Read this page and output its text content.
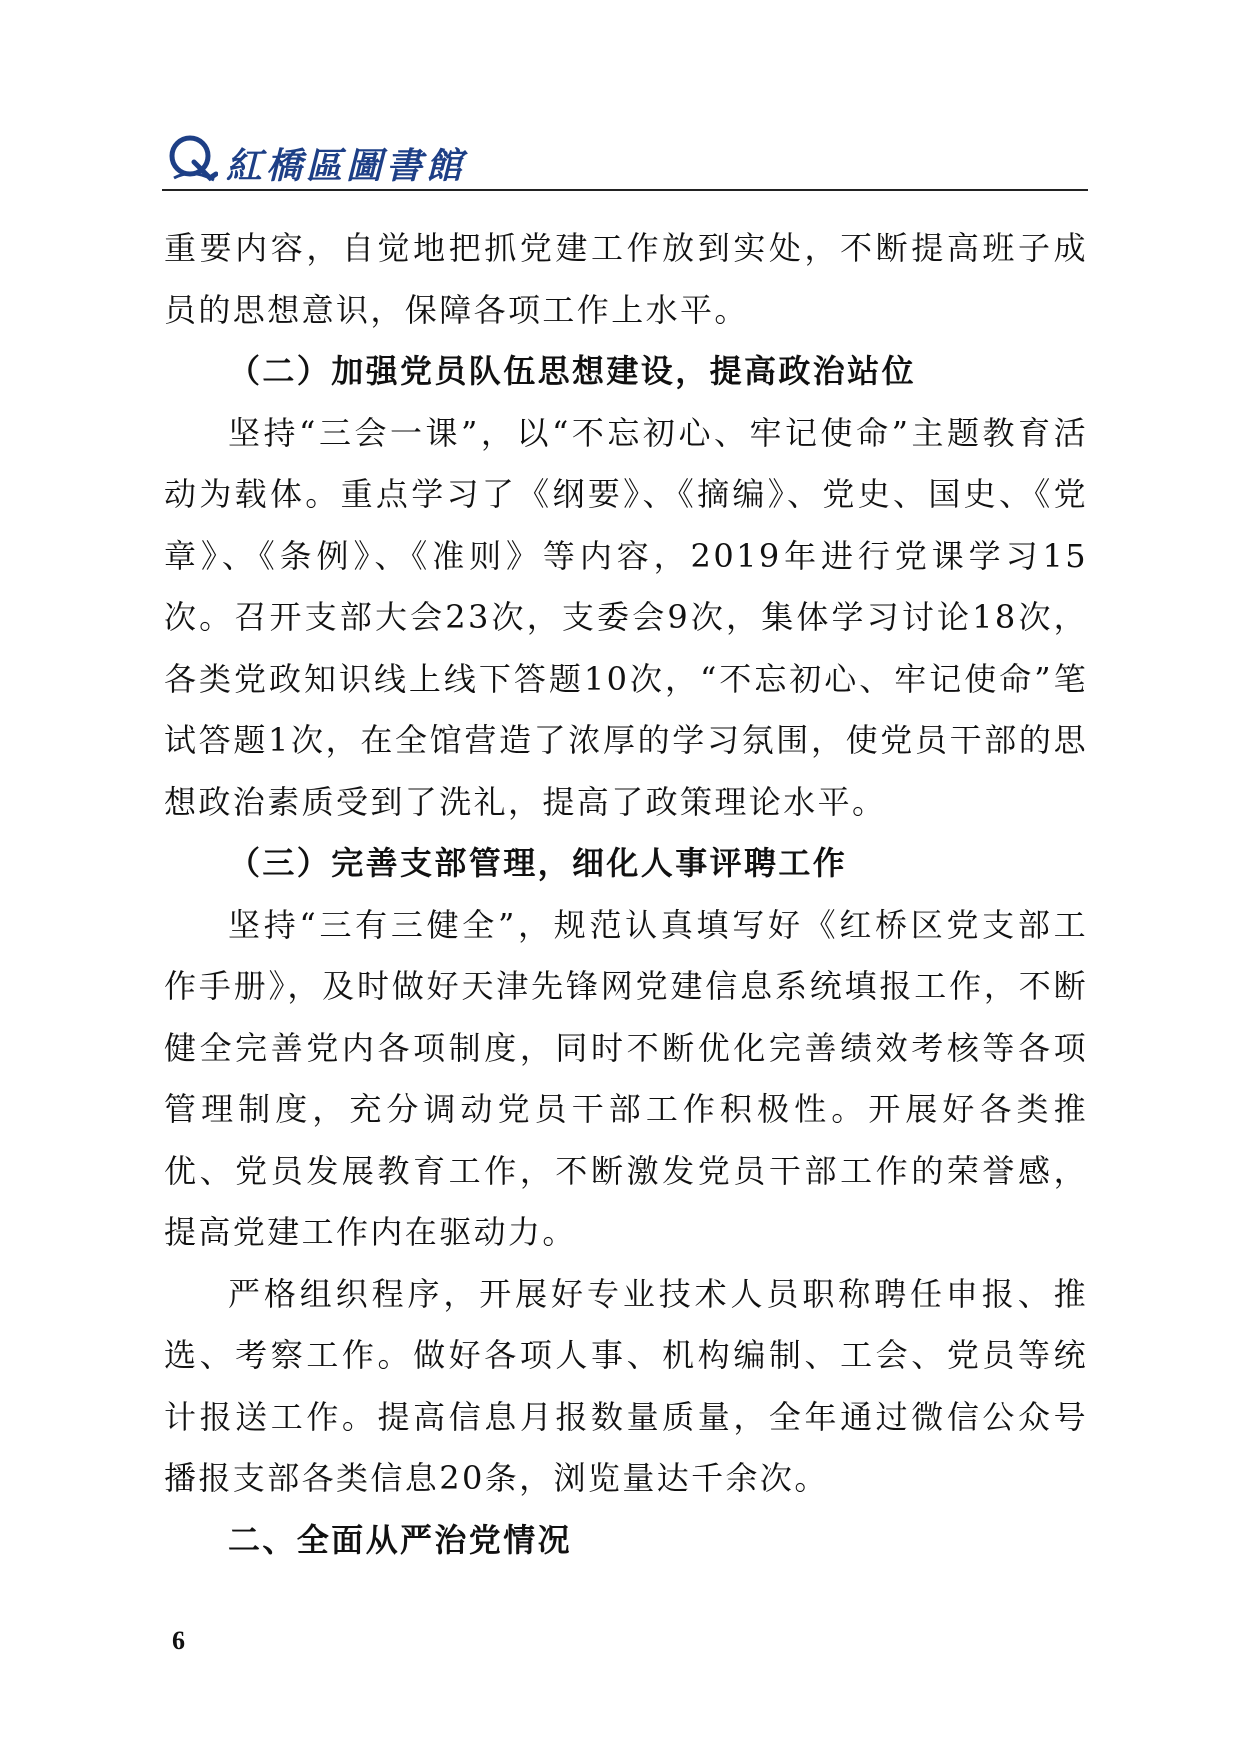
紅橋區圖書館

重要内容，自觉地把抓党建工作放到实处，不断提高班子成员的思想意识，保障各项工作上水平。

（二）加强党员队伍思想建设，提高政治站位

坚持“三会一课”，以“不忘初心、牢记使命”主题教育活动为载体。重点学习了《纲要》、《摘编》、党史、国史、《党章》、《条例》、《准则》等内容，2019年进行党课学习15次。召开支部大会23次，支委会9次，集体学习讨论18次，各类党政知识线上线下答题10次，“不忘初心、牢记使命”笔试答题1次，在全馆营造了浓厚的学习氛围，使党员干部的思想政治素质受到了洗礼，提高了政策理论水平。

（三）完善支部管理，细化人事评聘工作

坚持“三有三健全”，规范认真填写好《红桥区党支部工作手册》，及时做好天津先锋网党建信息系统填报工作，不断健全完善党内各项制度，同时不断优化完善绩效考核等各项管理制度，充分调动党员干部工作积极性。开展好各类推优、党员发展教育工作，不断激发党员干部工作的荣誉感，提高党建工作内在驱动力。

严格组织程序，开展好专业技术人员职称聘任申报、推选、考察工作。做好各项人事、机构编制、工会、党员等统计报送工作。提高信息月报数量质量，全年通过微信公众号播报支部各类信息20条，浏览量达千余次。

二、全面从严治党情况

6
